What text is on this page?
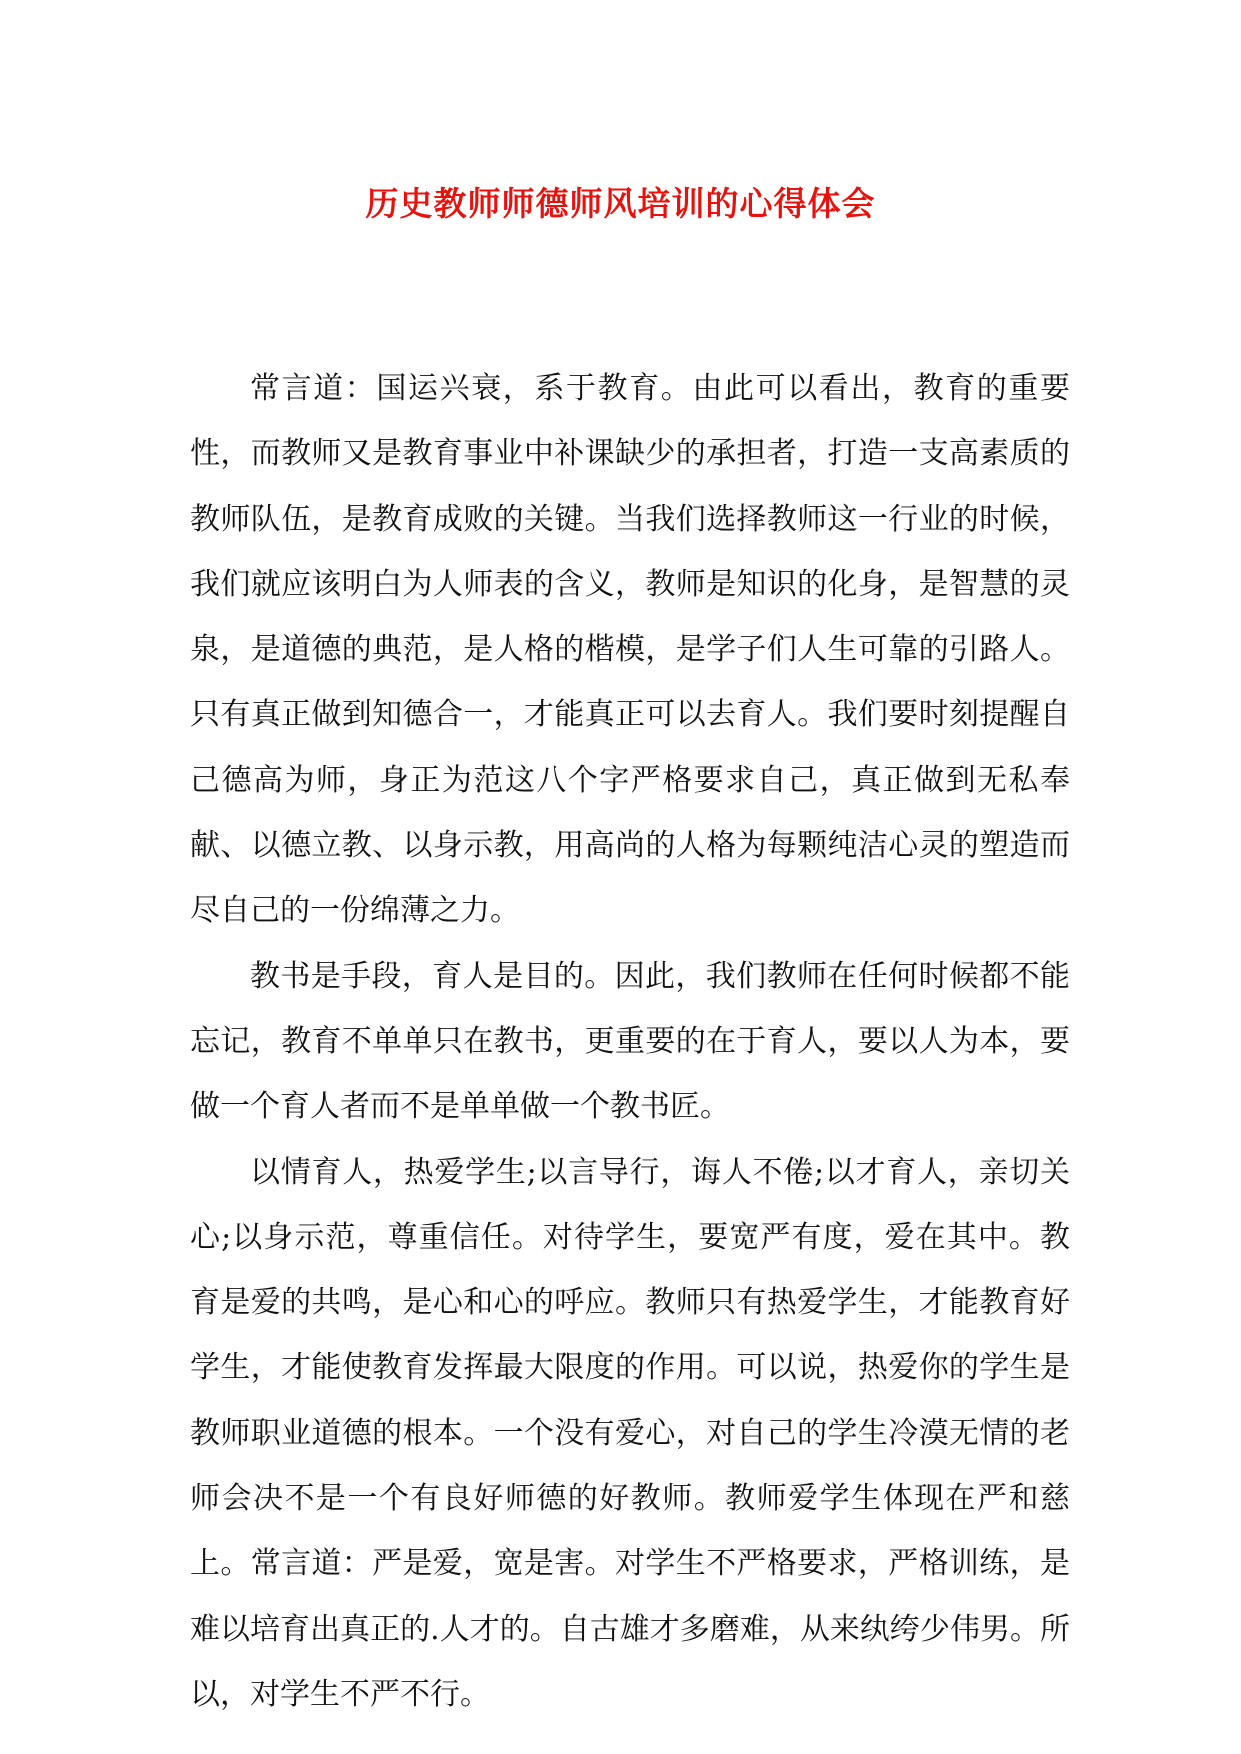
历史教师师德师风培训的心得体会

常言道：国运兴衰，系于教育。由此可以看出，教育的重要性，而教师又是教育事业中补课缺少的承担者，打造一支高素质的教师队伍，是教育成败的关键。当我们选择教师这一行业的时候，我们就应该明白为人师表的含义，教师是知识的化身，是智慧的灵泉，是道德的典范，是人格的楷模，是学子们人生可靠的引路人。只有真正做到知德合一，才能真正可以去育人。我们要时刻提醒自己德高为师，身正为范这八个字严格要求自己，真正做到无私奉献、以德立教、以身示教，用高尚的人格为每颗纯洁心灵的塑造而尽自己的一份绵薄之力。

教书是手段，育人是目的。因此，我们教师在任何时候都不能忘记，教育不单单只在教书，更重要的在于育人，要以人为本，要做一个育人者而不是单单做一个教书匠。

以情育人，热爱学生;以言导行，诲人不倦;以才育人，亲切关心;以身示范，尊重信任。对待学生，要宽严有度，爱在其中。教育是爱的共鸣，是心和心的呼应。教师只有热爱学生，才能教育好学生，才能使教育发挥最大限度的作用。可以说，热爱你的学生是教师职业道德的根本。一个没有爱心，对自己的学生冷漠无情的老师会决不是一个有良好师德的好教师。教师爱学生体现在严和慈上。常言道：严是爱，宽是害。对学生不严格要求，严格训练，是难以培育出真正的.人才的。自古雄才多磨难，从来纨绔少伟男。所以，对学生不严不行。
